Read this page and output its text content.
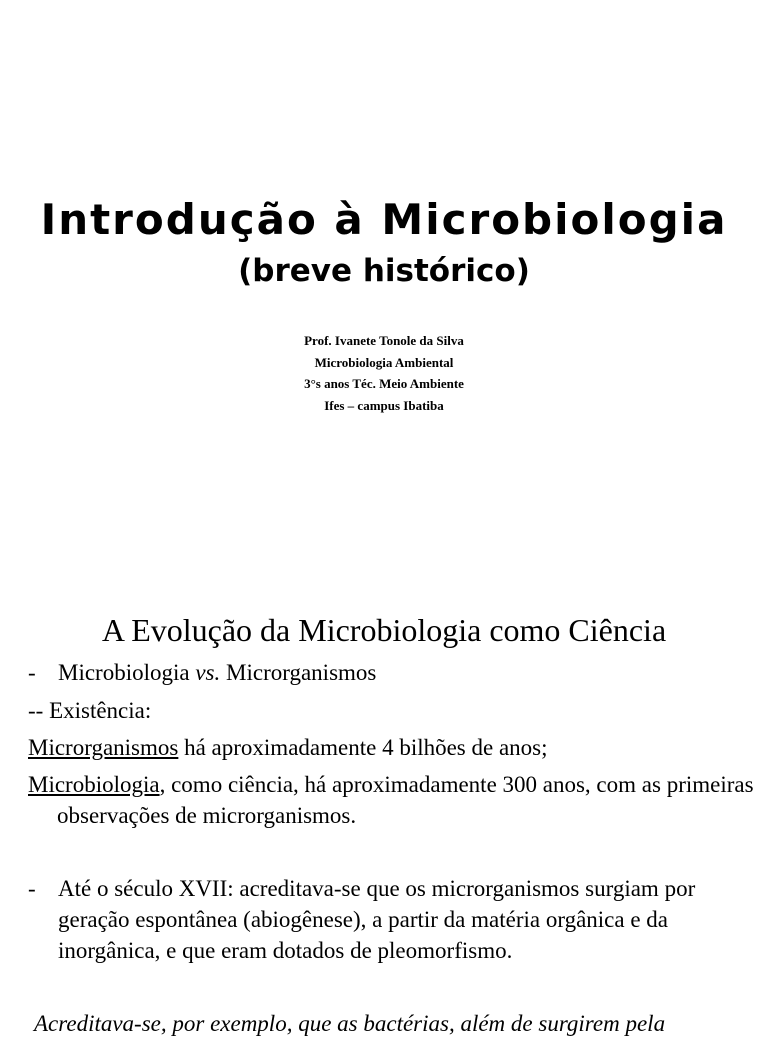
Introdução à Microbiologia
(breve histórico)
Prof. Ivanete Tonole da Silva
Microbiologia Ambiental
3°s anos Téc. Meio Ambiente
Ifes – campus Ibatiba
A Evolução da Microbiologia como Ciência
- Microbiologia vs. Microrganismos
-- Existência:
Microrganismos há aproximadamente 4 bilhões de anos;
Microbiologia, como ciência, há aproximadamente 300 anos, com as primeiras observações de microrganismos.
- Até o século XVII: acreditava-se que os microrganismos surgiam por geração espontânea (abiogênese), a partir da matéria orgânica e da inorgânica, e que eram dotados de pleomorfismo.
Acreditava-se, por exemplo, que as bactérias, além de surgirem pela
